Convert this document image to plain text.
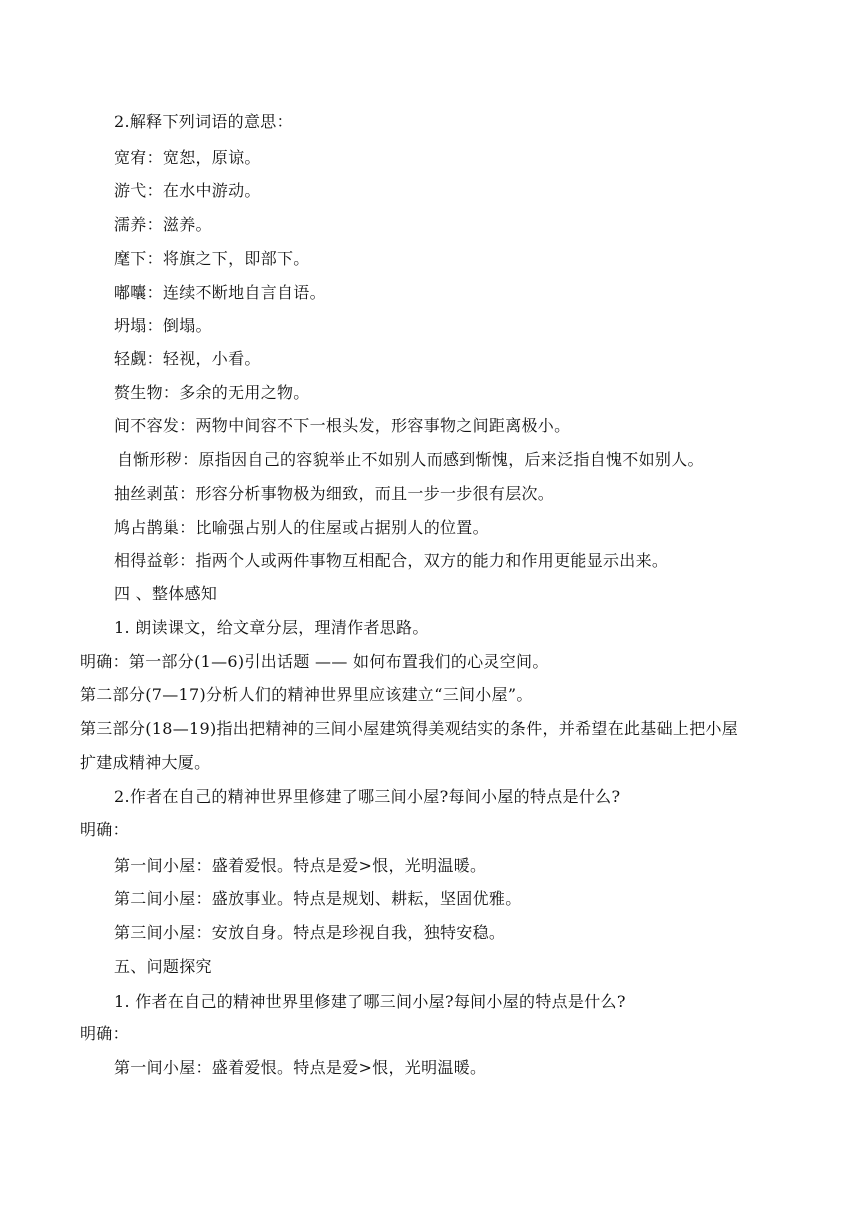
2.解释下列词语的意思：
宽宥：宽恕，原谅。
游弋：在水中游动。
濡养：滋养。
麾下：将旗之下，即部下。
嘟囔：连续不断地自言自语。
坍塌：倒塌。
轻觑：轻视，小看。
赘生物：多余的无用之物。
间不容发：两物中间容不下一根头发，形容事物之间距离极小。
自惭形秽：原指因自己的容貌举止不如别人而感到惭愧，后来泛指自愧不如别人。
抽丝剥茧：形容分析事物极为细致，而且一步一步很有层次。
鸠占鹊巢：比喻强占别人的住屋或占据别人的位置。
相得益彰：指两个人或两件事物互相配合，双方的能力和作用更能显示出来。
四 、整体感知
1. 朗读课文，给文章分层，理清作者思路。
明确：第一部分(1—6)引出话题 —— 如何布置我们的心灵空间。
第二部分(7—17)分析人们的精神世界里应该建立“三间小屋”。
第三部分(18—19)指出把精神的三间小屋建筑得美观结实的条件，并希望在此基础上把小屋
扩建成精神大厦。
2.作者在自己的精神世界里修建了哪三间小屋?每间小屋的特点是什么?
明确：
第一间小屋：盛着爱恨。特点是爱>恨，光明温暖。
第二间小屋：盛放事业。特点是规划、耕耘，坚固优雅。
第三间小屋：安放自身。特点是珍视自我，独特安稳。
五、问题探究
1. 作者在自己的精神世界里修建了哪三间小屋?每间小屋的特点是什么?
明确：
第一间小屋：盛着爱恨。特点是爱>恨，光明温暖。
